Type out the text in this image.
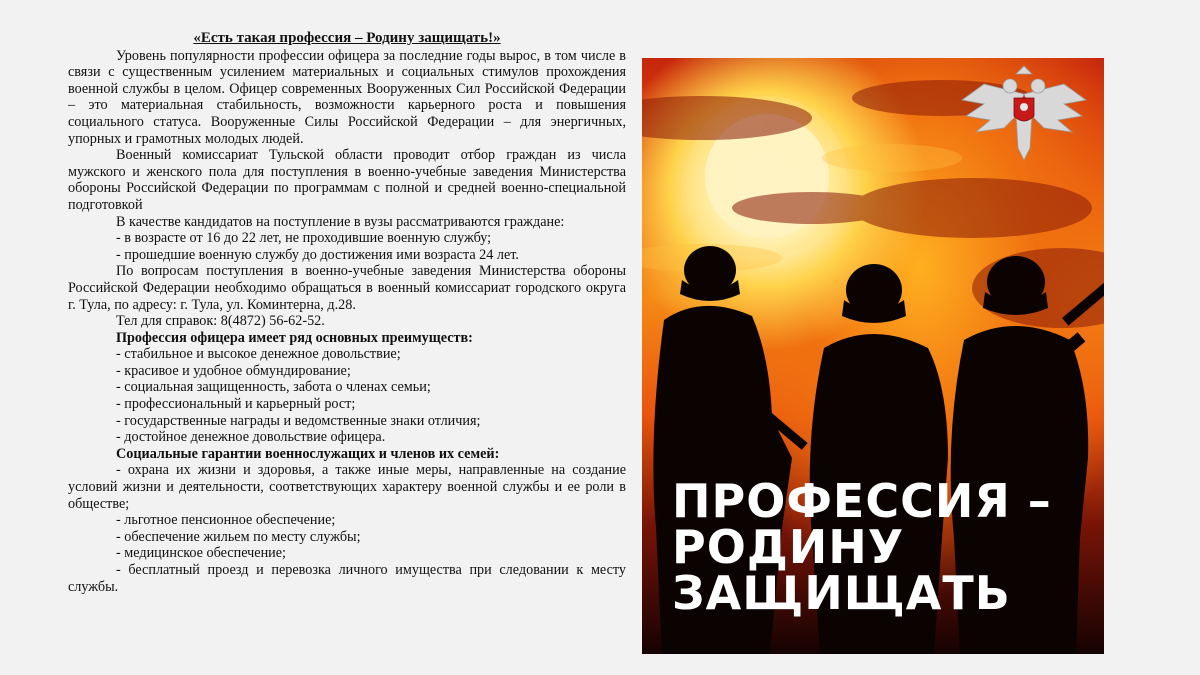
«Есть такая профессия – Родину защищать!»

Уровень популярности профессии офицера за последние годы вырос, в том числе в связи с существенным усилением материальных и социальных стимулов прохождения военной службы в целом. Офицер современных Вооруженных Сил Российской Федерации – это материальная стабильность, возможности карьерного роста и повышения социального статуса. Вооруженные Силы Российской Федерации – для энергичных, упорных и грамотных молодых людей.

Военный комиссариат Тульской области проводит отбор граждан из числа мужского и женского пола для поступления в военно-учебные заведения Министерства обороны Российской Федерации по программам с полной и средней военно-специальной подготовкой

В качестве кандидатов на поступление в вузы рассматриваются граждане:

- в возрасте от 16 до 22 лет, не проходившие военную службу;

- прошедшие военную службу до достижения ими возраста 24 лет.

По вопросам поступления в военно-учебные заведения Министерства обороны Российской Федерации необходимо обращаться в военный комиссариат городского округа г. Тула, по адресу: г. Тула, ул. Коминтерна, д.28.

Тел для справок: 8(4872) 56-62-52.

Профессия офицера имеет ряд основных преимуществ:

- стабильное и высокое денежное довольствие;

- красивое и удобное обмундирование;

- социальная защищенность, забота о членах семьи;

- профессиональный и карьерный рост;

- государственные награды и ведомственные знаки отличия;

- достойное денежное довольствие офицера.

Социальные гарантии военнослужащих и членов их семей:

- охрана их жизни и здоровья, а также иные меры, направленные на создание условий жизни и деятельности, соответствующих характеру военной службы и ее роли в обществе;

- льготное пенсионное обеспечение;

- обеспечение жильем по месту службы;

- медицинское обеспечение;

- бесплатный проезд и перевозка личного имущества при следовании к месту службы.

ПРОФЕССИЯ –
РОДИНУ
ЗАЩИЩАТЬ
